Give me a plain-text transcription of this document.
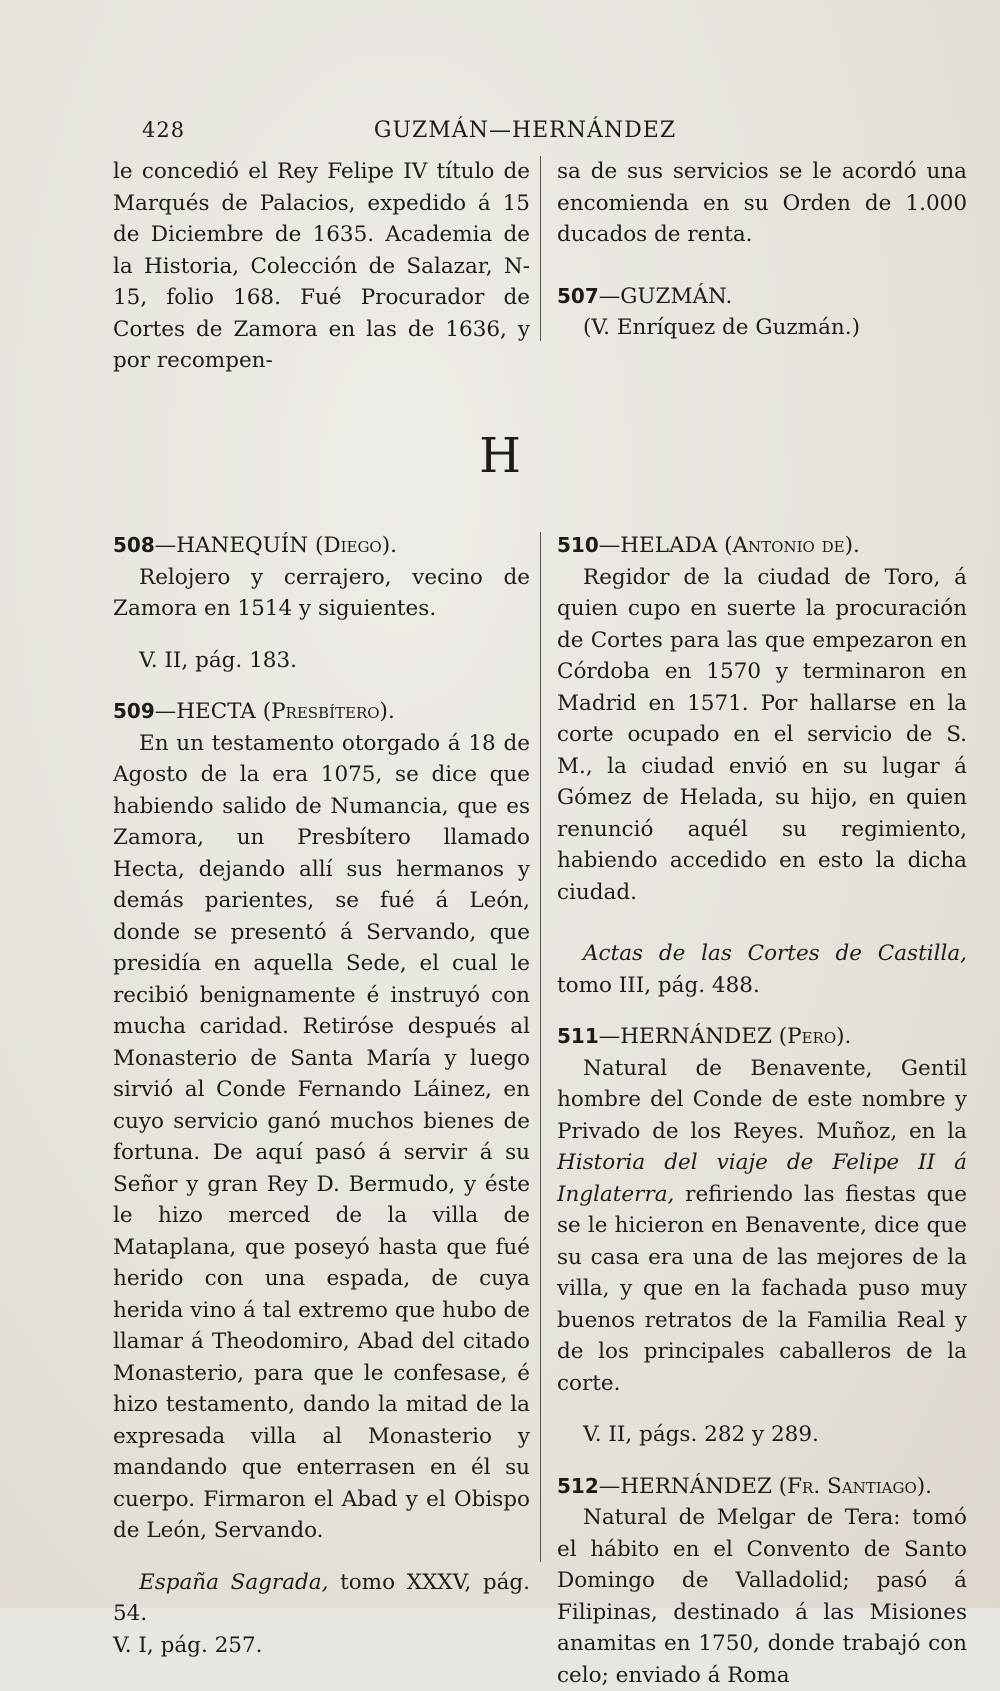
428	GUZMÁN—HERNÁNDEZ

le concedió el Rey Felipe IV título de Marqués de Palacios, expedido á 15 de Diciembre de 1635. Academia de la Historia, Colección de Salazar, N-15, folio 168. Fué Procurador de Cortes de Zamora en las de 1636, y por recompen-

sa de sus servicios se le acordó una encomienda en su Orden de 1.000 ducados de renta.

507—GUZMÁN.

(V. Enríquez de Guzmán.)

H

508—HANEQUÍN (Diego).

Relojero y cerrajero, vecino de Zamora en 1514 y siguientes.

V. II, pág. 183.

509—HECTA (Presbítero).

En un testamento otorgado á 18 de Agosto de la era 1075, se dice que habiendo salido de Numancia, que es Zamora, un Presbítero llamado Hecta, dejando allí sus hermanos y demás parientes, se fué á León, donde se presentó á Servando, que presidía en aquella Sede, el cual le recibió benignamente é instruyó con mucha caridad. Retiróse después al Monasterio de Santa María y luego sirvió al Conde Fernando Láinez, en cuyo servicio ganó muchos bienes de fortuna. De aquí pasó á servir á su Señor y gran Rey D. Bermudo, y éste le hizo merced de la villa de Mataplana, que poseyó hasta que fué herido con una espada, de cuya herida vino á tal extremo que hubo de llamar á Theodomiro, Abad del citado Monasterio, para que le confesase, é hizo testamento, dando la mitad de la expresada villa al Monasterio y mandando que enterrasen en él su cuerpo. Firmaron el Abad y el Obispo de León, Servando.

España Sagrada, tomo XXXV, pág. 54.

V. I, pág. 257.

510—HELADA (Antonio de).

Regidor de la ciudad de Toro, á quien cupo en suerte la procuración de Cortes para las que empezaron en Córdoba en 1570 y terminaron en Madrid en 1571. Por hallarse en la corte ocupado en el servicio de S. M., la ciudad envió en su lugar á Gómez de Helada, su hijo, en quien renunció aquél su regimiento, habiendo accedido en esto la dicha ciudad.

Actas de las Cortes de Castilla, tomo III, pág. 488.

511—HERNÁNDEZ (Pero).

Natural de Benavente, Gentil hombre del Conde de este nombre y Privado de los Reyes. Muñoz, en la Historia del viaje de Felipe II á Inglaterra, refiriendo las fiestas que se le hicieron en Benavente, dice que su casa era una de las mejores de la villa, y que en la fachada puso muy buenos retratos de la Familia Real y de los principales caballeros de la corte.

V. II, págs. 282 y 289.

512—HERNÁNDEZ (Fr. Santiago).

Natural de Melgar de Tera: tomó el hábito en el Convento de Santo Domingo de Valladolid; pasó á Filipinas, destinado á las Misiones anamitas en 1750, donde trabajó con celo; enviado á Roma
